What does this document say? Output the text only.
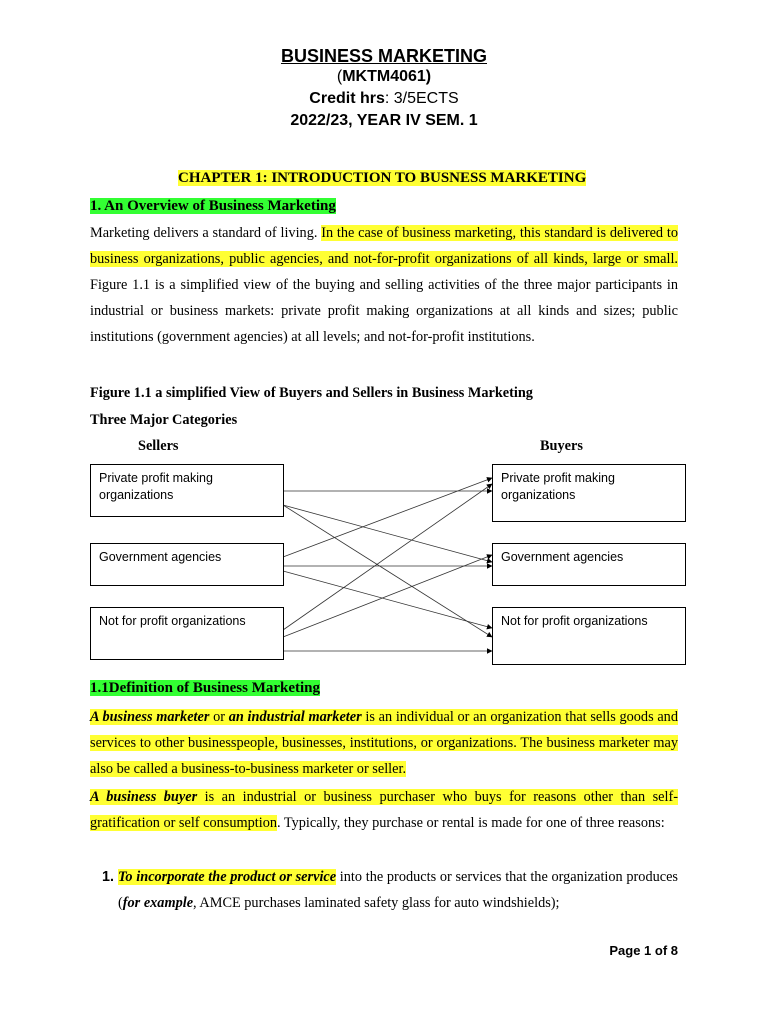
BUSINESS MARKETING
(MKTM4061)
Credit hrs: 3/5ECTS
2022/23, YEAR IV SEM. 1
CHAPTER 1: INTRODUCTION TO BUSNESS MARKETING
1. An Overview of Business Marketing
Marketing delivers a standard of living. In the case of business marketing, this standard is delivered to business organizations, public agencies, and not-for-profit organizations of all kinds, large or small. Figure 1.1 is a simplified view of the buying and selling activities of the three major participants in industrial or business markets: private profit making organizations at all kinds and sizes; public institutions (government agencies) at all levels; and not-for-profit institutions.
Figure 1.1 a simplified View of Buyers and Sellers in Business Marketing
Three Major Categories
Sellers	Buyers
Private profit making organizations
Government agencies
Not for profit organizations
Private profit making organizations
Government agencies
Not for profit organizations
1.1Definition of Business Marketing
A business marketer or an industrial marketer is an individual or an organization that sells goods and services to other businesspeople, businesses, institutions, or organizations. The business marketer may also be called a business-to-business marketer or seller.
A business buyer is an industrial or business purchaser who buys for reasons other than self-gratification or self consumption. Typically, they purchase or rental is made for one of three reasons:
1. To incorporate the product or service into the products or services that the organization produces (for example, AMCE purchases laminated safety glass for auto windshields);
Page 1 of 8
